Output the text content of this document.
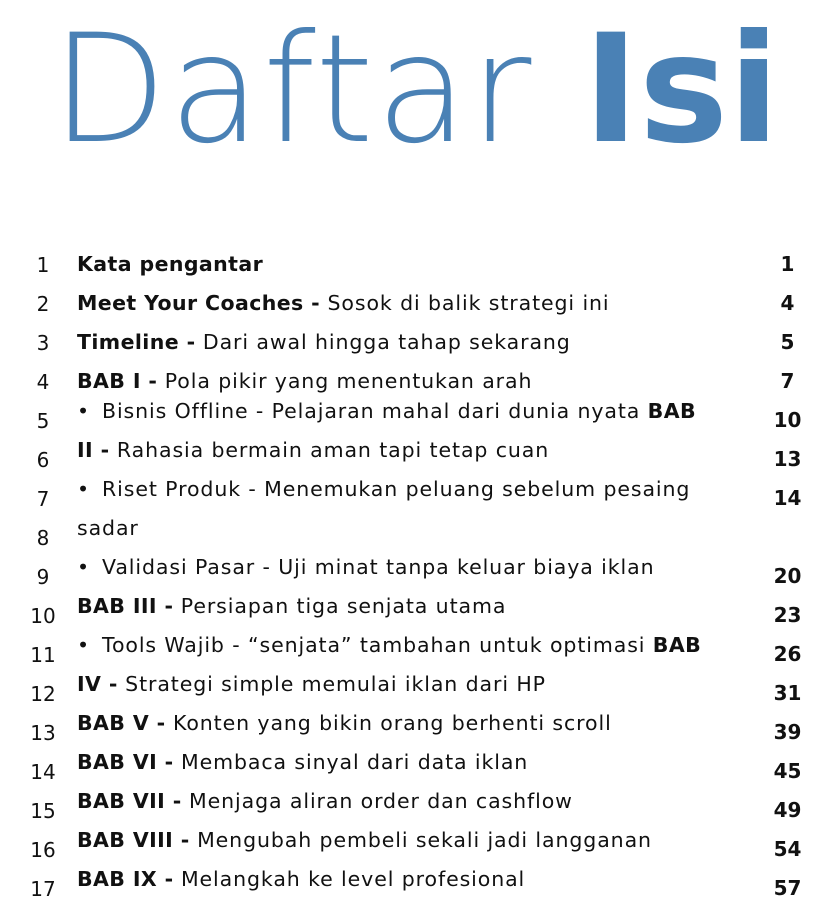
Daftar Isi
1
2
3
4
5
6
7
8
9
10
11
12
13
14
15
16
17
Kata pengantar
Meet Your Coaches - Sosok di balik strategi ini
Timeline - Dari awal hingga tahap sekarang
BAB I - Pola pikir yang menentukan arah
• Bisnis Offline - Pelajaran mahal dari dunia nyata BAB
II - Rahasia bermain aman tapi tetap cuan
• Riset Produk - Menemukan peluang sebelum pesaing
sadar
• Validasi Pasar - Uji minat tanpa keluar biaya iklan
BAB III - Persiapan tiga senjata utama
• Tools Wajib - “senjata” tambahan untuk optimasi BAB
IV - Strategi simple memulai iklan dari HP
BAB V - Konten yang bikin orang berhenti scroll
BAB VI - Membaca sinyal dari data iklan
BAB VII - Menjaga aliran order dan cashflow
BAB VIII - Mengubah pembeli sekali jadi langganan
BAB IX - Melangkah ke level profesional
1
4
5
7
10
13
14
20
23
26
31
39
45
49
54
57
